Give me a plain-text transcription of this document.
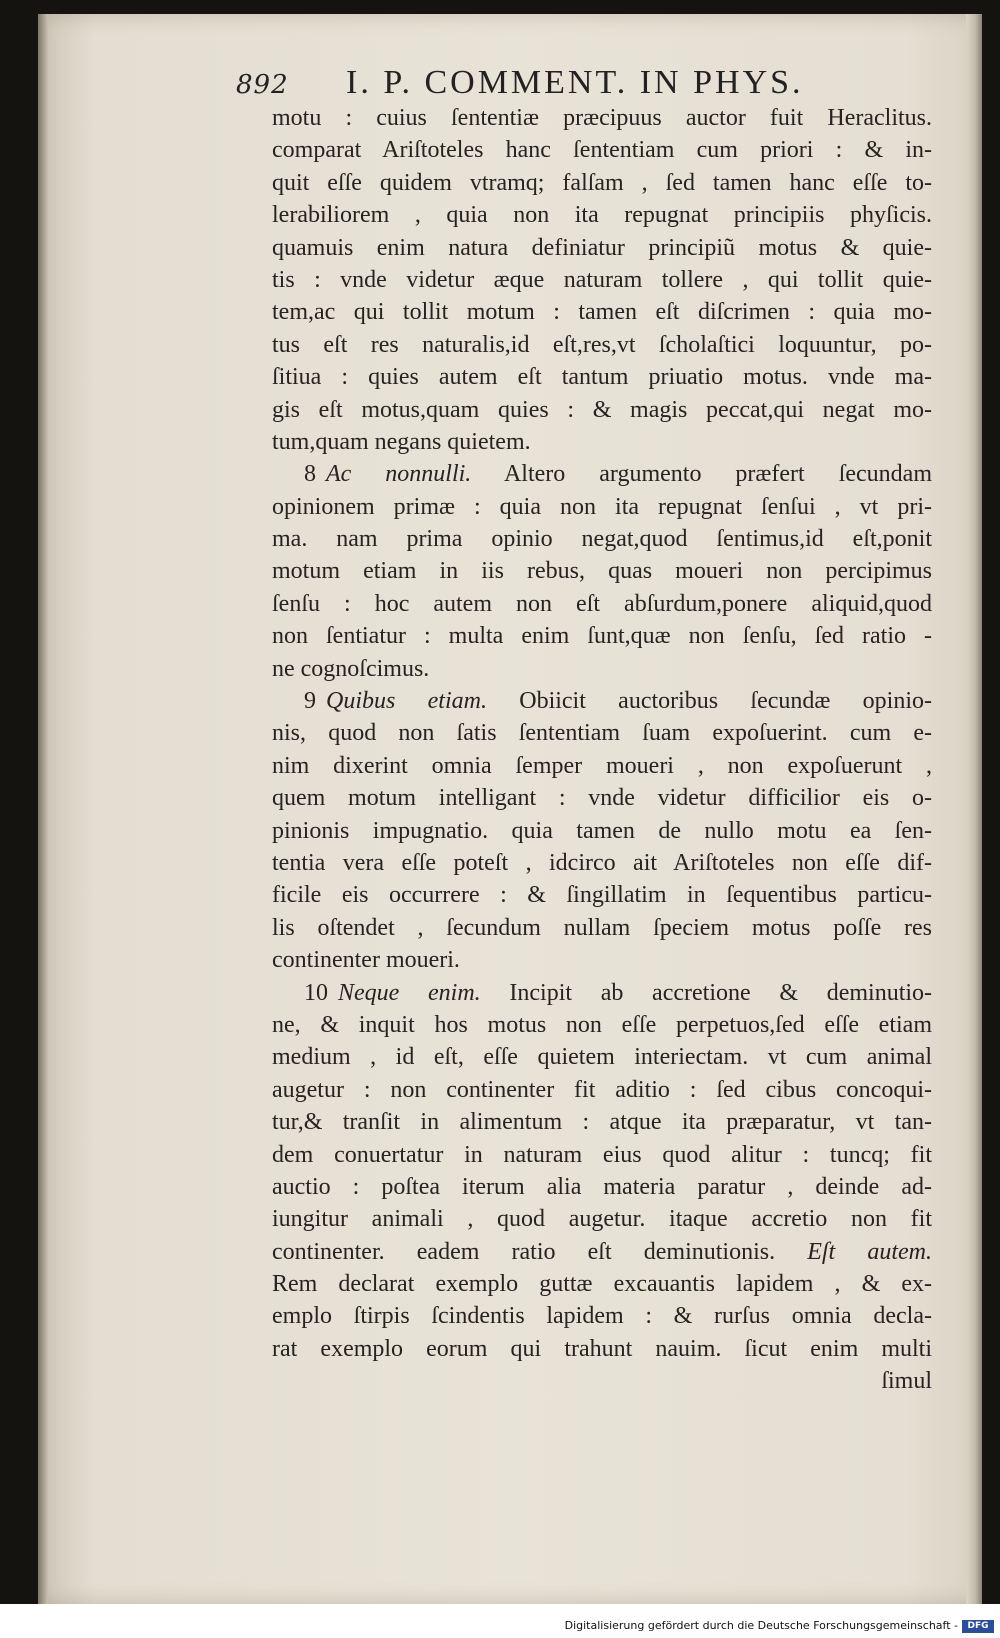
892 I. P. COMMENT. IN PHYS.
motu : cuius ſententiæ præcipuus auctor fuit Heraclitus.
comparat Ariſtoteles hanc ſententiam cum priori : & in-
quit eſſe quidem vtramq; falſam , ſed tamen hanc eſſe to-
lerabiliorem , quia non ita repugnat principiis phyſicis.
quamuis enim natura definiatur principiũ motus & quie-
tis : vnde videtur æque naturam tollere , qui tollit quie-
tem,ac qui tollit motum : tamen eſt diſcrimen : quia mo-
tus eſt res naturalis,id eſt,res,vt ſcholaſtici loquuntur, po-
ſitiua : quies autem eſt tantum priuatio motus. vnde ma-
gis eſt motus,quam quies : & magis peccat,qui negat mo-
tum,quam negans quietem.
8 Ac nonnulli. Altero argumento præfert ſecundam
opinionem primæ : quia non ita repugnat ſenſui , vt pri-
ma. nam prima opinio negat,quod ſentimus,id eſt,ponit
motum etiam in iis rebus, quas moueri non percipimus
ſenſu : hoc autem non eſt abſurdum,ponere aliquid,quod
non ſentiatur : multa enim ſunt,quæ non ſenſu, ſed ratio -
ne cognoſcimus.
9 Quibus etiam. Obiicit auctoribus ſecundæ opinio-
nis, quod non ſatis ſententiam ſuam expoſuerint. cum e-
nim dixerint omnia ſemper moueri , non expoſuerunt ,
quem motum intelligant : vnde videtur difficilior eis o-
pinionis impugnatio. quia tamen de nullo motu ea ſen-
tentia vera eſſe poteſt , idcirco ait Ariſtoteles non eſſe dif-
ficile eis occurrere : & ſingillatim in ſequentibus particu-
lis oſtendet , ſecundum nullam ſpeciem motus poſſe res
continenter moueri.
10 Neque enim. Incipit ab accretione & deminutio-
ne, & inquit hos motus non eſſe perpetuos,ſed eſſe etiam
medium , id eſt, eſſe quietem interiectam. vt cum animal
augetur : non continenter fit aditio : ſed cibus concoqui-
tur,& tranſit in alimentum : atque ita præparatur, vt tan-
dem conuertatur in naturam eius quod alitur : tuncq; fit
auctio : poſtea iterum alia materia paratur , deinde ad-
iungitur animali , quod augetur. itaque accretio non fit
continenter. eadem ratio eſt deminutionis. Eſt autem.
Rem declarat exemplo guttæ excauantis lapidem , & ex-
emplo ſtirpis ſcindentis lapidem : & rurſus omnia decla-
rat exemplo eorum qui trahunt nauim. ſicut enim multi
ſimul
Digitalisierung gefördert durch die Deutsche Forschungsgemeinschaft -	DFG
